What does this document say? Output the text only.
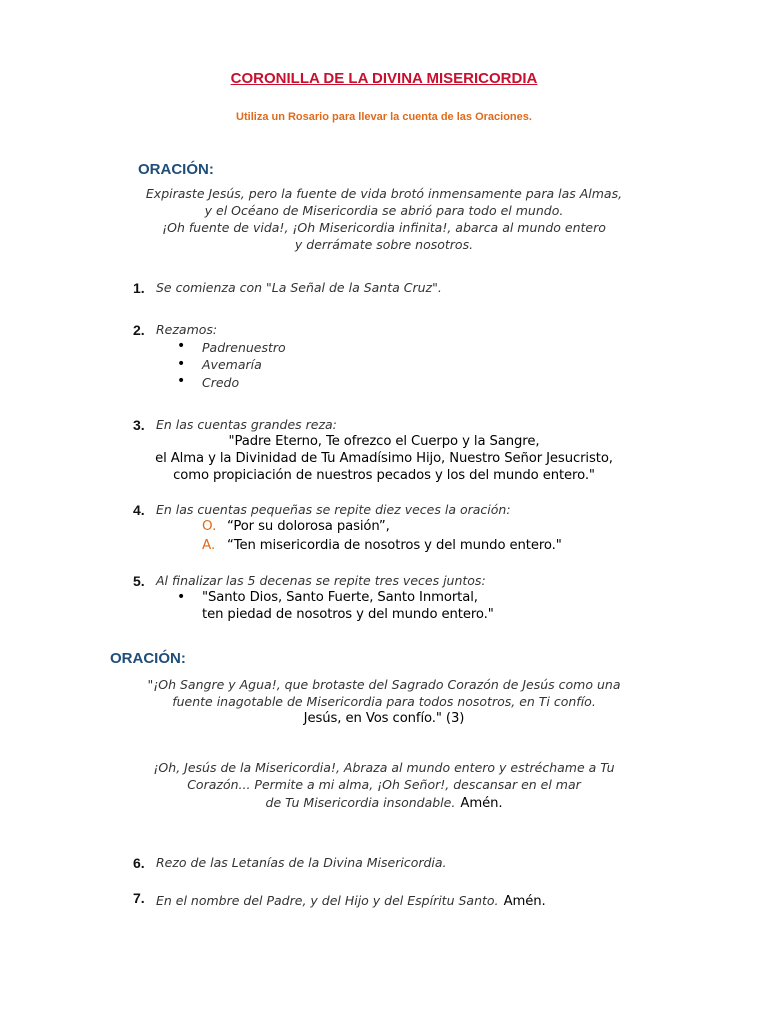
CORONILLA DE LA DIVINA MISERICORDIA
Utiliza un Rosario para llevar la cuenta de las Oraciones.
ORACIÓN:
Expiraste Jesús, pero la fuente de vida brotó inmensamente para las Almas,
y el Océano de Misericordia se abrió para todo el mundo.
¡Oh fuente de vida!, ¡Oh Misericordia infinita!, abarca al mundo entero
y derrámate sobre nosotros.
1. Se comienza con "La Señal de la Santa Cruz".
2. Rezamos:
• Padrenuestro
• Avemaría
• Credo
3. En las cuentas grandes reza:
"Padre Eterno, Te ofrezco el Cuerpo y la Sangre,
el Alma y la Divinidad de Tu Amadísimo Hijo, Nuestro Señor Jesucristo,
como propiciación de nuestros pecados y los del mundo entero."
4. En las cuentas pequeñas se repite diez veces la oración:
O. “Por su dolorosa pasión”,
A. “Ten misericordia de nosotros y del mundo entero."
5. Al finalizar las 5 decenas se repite tres veces juntos:
• "Santo Dios, Santo Fuerte, Santo Inmortal,
ten piedad de nosotros y del mundo entero."
ORACIÓN:
"¡Oh Sangre y Agua!, que brotaste del Sagrado Corazón de Jesús como una
fuente inagotable de Misericordia para todos nosotros, en Ti confío.
Jesús, en Vos confío." (3)
¡Oh, Jesús de la Misericordia!, Abraza al mundo entero y estréchame a Tu
Corazón... Permite a mi alma, ¡Oh Señor!, descansar en el mar
de Tu Misericordia insondable. Amén.
6. Rezo de las Letanías de la Divina Misericordia.
7. En el nombre del Padre, y del Hijo y del Espíritu Santo. Amén.
